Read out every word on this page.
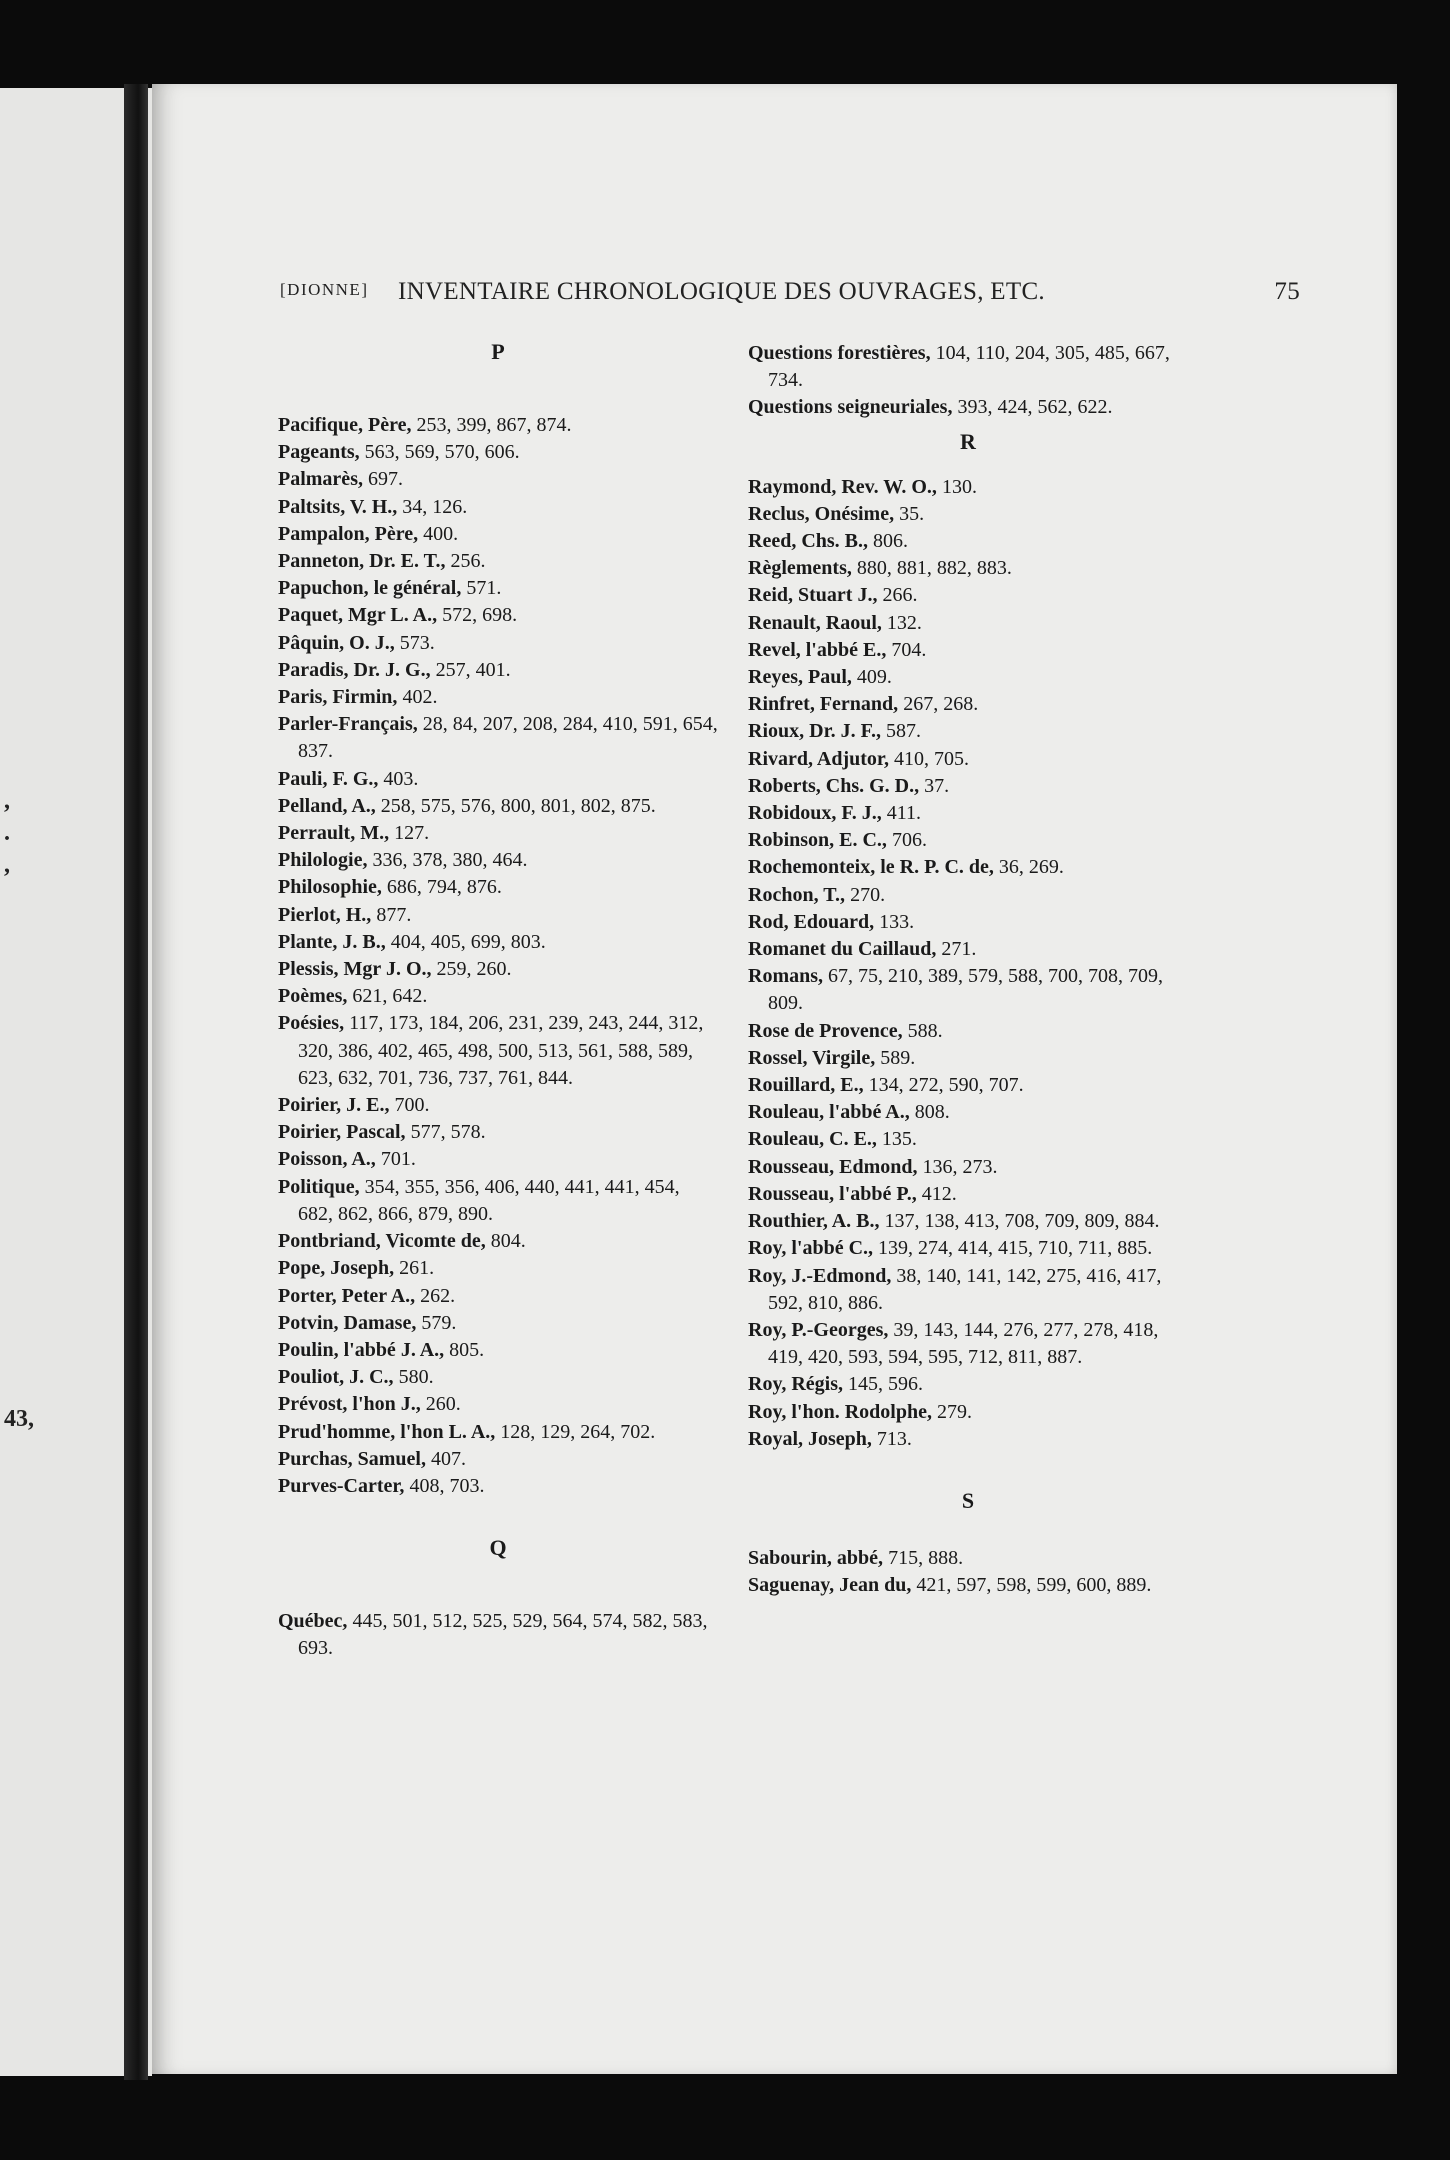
,
.
,
43,
[DIONNE] INVENTAIRE CHRONOLOGIQUE DES OUVRAGES, ETC.	75
P

Pacifique, Père, 253, 399, 867, 874.

Pageants, 563, 569, 570, 606.

Palmarès, 697.

Paltsits, V. H., 34, 126.

Pampalon, Père, 400.

Panneton, Dr. E. T., 256.

Papuchon, le général, 571.

Paquet, Mgr L. A., 572, 698.

Pâquin, O. J., 573.

Paradis, Dr. J. G., 257, 401.

Paris, Firmin, 402.

Parler-Français, 28, 84, 207, 208, 284, 410, 591, 654, 837.

Pauli, F. G., 403.

Pelland, A., 258, 575, 576, 800, 801, 802, 875.

Perrault, M., 127.

Philologie, 336, 378, 380, 464.

Philosophie, 686, 794, 876.

Pierlot, H., 877.

Plante, J. B., 404, 405, 699, 803.

Plessis, Mgr J. O., 259, 260.

Poèmes, 621, 642.

Poésies, 117, 173, 184, 206, 231, 239, 243, 244, 312, 320, 386, 402, 465, 498, 500, 513, 561, 588, 589, 623, 632, 701, 736, 737, 761, 844.

Poirier, J. E., 700.

Poirier, Pascal, 577, 578.

Poisson, A., 701.

Politique, 354, 355, 356, 406, 440, 441, 441, 454, 682, 862, 866, 879, 890.

Pontbriand, Vicomte de, 804.

Pope, Joseph, 261.

Porter, Peter A., 262.

Potvin, Damase, 579.

Poulin, l'abbé J. A., 805.

Pouliot, J. C., 580.

Prévost, l'hon J., 260.

Prud'homme, l'hon L. A., 128, 129, 264, 702.

Purchas, Samuel, 407.

Purves-Carter, 408, 703.

Q

Québec, 445, 501, 512, 525, 529, 564, 574, 582, 583, 693.

Questions forestières, 104, 110, 204, 305, 485, 667, 734.

Questions seigneuriales, 393, 424, 562, 622.

R

Raymond, Rev. W. O., 130.

Reclus, Onésime, 35.

Reed, Chs. B., 806.

Règlements, 880, 881, 882, 883.

Reid, Stuart J., 266.

Renault, Raoul, 132.

Revel, l'abbé E., 704.

Reyes, Paul, 409.

Rinfret, Fernand, 267, 268.

Rioux, Dr. J. F., 587.

Rivard, Adjutor, 410, 705.

Roberts, Chs. G. D., 37.

Robidoux, F. J., 411.

Robinson, E. C., 706.

Rochemonteix, le R. P. C. de, 36, 269.

Rochon, T., 270.

Rod, Edouard, 133.

Romanet du Caillaud, 271.

Romans, 67, 75, 210, 389, 579, 588, 700, 708, 709, 809.

Rose de Provence, 588.

Rossel, Virgile, 589.

Rouillard, E., 134, 272, 590, 707.

Rouleau, l'abbé A., 808.

Rouleau, C. E., 135.

Rousseau, Edmond, 136, 273.

Rousseau, l'abbé P., 412.

Routhier, A. B., 137, 138, 413, 708, 709, 809, 884.

Roy, l'abbé C., 139, 274, 414, 415, 710, 711, 885.

Roy, J.-Edmond, 38, 140, 141, 142, 275, 416, 417, 592, 810, 886.

Roy, P.-Georges, 39, 143, 144, 276, 277, 278, 418, 419, 420, 593, 594, 595, 712, 811, 887.

Roy, Régis, 145, 596.

Roy, l'hon. Rodolphe, 279.

Royal, Joseph, 713.

S

Sabourin, abbé, 715, 888.

Saguenay, Jean du, 421, 597, 598, 599, 600, 889.
